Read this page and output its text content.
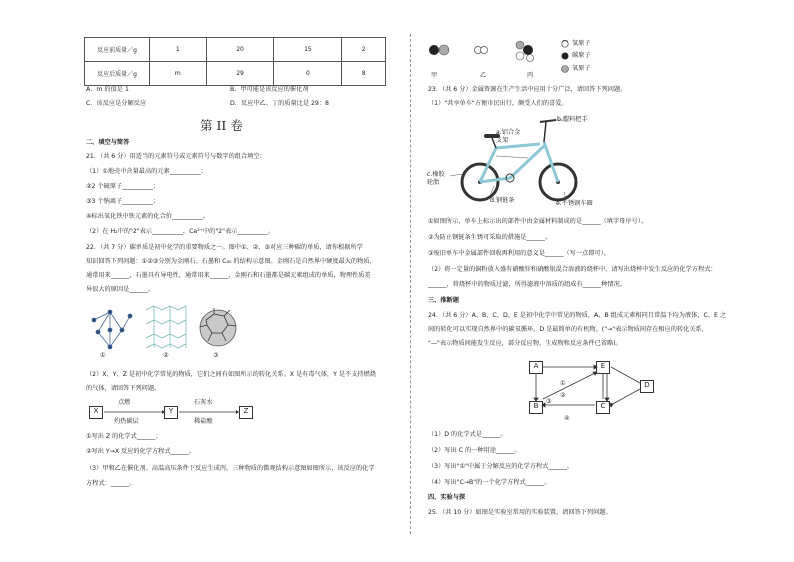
反应前质量／g	1	20	15	2
反应后质量／g	m	29	0	8
A．m 的值是 1	B．甲可能是该反应的催化剂
C．该反应是分解反应	D．反应中乙、丁的质量比是 29：8
第 II 卷
二、填空与简答
21．（共 6 分）用适当的元素符号或元素符号与数字的组合填空：
（1）①地壳中含量最高的元素__________；
②2 个硫原子__________；
③3 个钠离子__________；
④标出氧化铁中铁元素的化合价__________。
（2）在 H₂中的"2"表示__________，Ca²⁺中的"2"表示__________。
22．（共 7 分）碳单质是初中化学的重要物质之一。图中①、②、③对应三种碳的单质，请你根据所学
知识回答下列问题：①②③分别为金刚石、石墨和 C₆₀ 的结构示意图。金刚石是自然界中硬度最大的物质，
通常用来______，石墨具有导电性，通常用来______，金刚石和石墨都是碳元素组成的单质，物理性质差
异很大的原因是______。
①	②	③
（2）X、Y、Z 是初中化学常见的物质，它们之间有如图所示的转化关系。X 是有毒气体，Y 是不支持燃烧
的气体，请回答下列问题。
X	Y	Z
点燃
灼热碳层
石灰水
稀盐酸
①写出 Z 的化学式______；
②写出 Y→X 反应的化学方程式______。
（3）甲和乙在催化剂、高温高压条件下反应生成丙，三种物质的微观结构示意图如图所示，该反应的化学
方程式：______。
氢原子
碳原子
氧原子
甲	乙	丙
23．（共 6 分）金属资源在生产生活中应用十分广泛，请回答下列问题。
（1）"共享单车"方便市民出行，颇受人们的喜爱。
b.塑料把手
a.铝合金
支架
c.橡胶
轮胎
d.钢链条	e.不锈钢车圈
①如图所示，单车上标示出的部件中由金属材料制成的是______（填字母序号）。
②为防止钢链条生锈可采取的措施是______。
③废旧单车中金属部件回收再利用的意义是______（写一点即可）。
（2）将一定量的铜粉放入盛有硝酸锌和硝酸银混合溶液的烧杯中，请写出烧杯中发生反应的化学方程式：
______，将烧杯中的物质过滤，所得滤液中溶质的组成有______种情况。
三、推断题
24．（共 6 分）A、B、C、D、E 是初中化学中常见的物质，A、B 组成元素相同且常温下均为液体，C、E 之
间的转化可以实现自然界中的碳氧循环，D 是最简单的有机物。("→"表示物质间存在相应的转化关系，
"—"表示物质间能发生反应，部分反应物、生成物和反应条件已省略)。
A
B
E
C
D
①
②
③
④
（1）D 的化学式是______。
（2）写出 C 的一种用途______。
（3）写出"①"中属于分解反应的化学方程式______。
（4）写出"C→B"的一个化学方程式______。
四、实验与探
25．（共 10 分）如图是实验室常用的实验装置，请回答下列问题。
